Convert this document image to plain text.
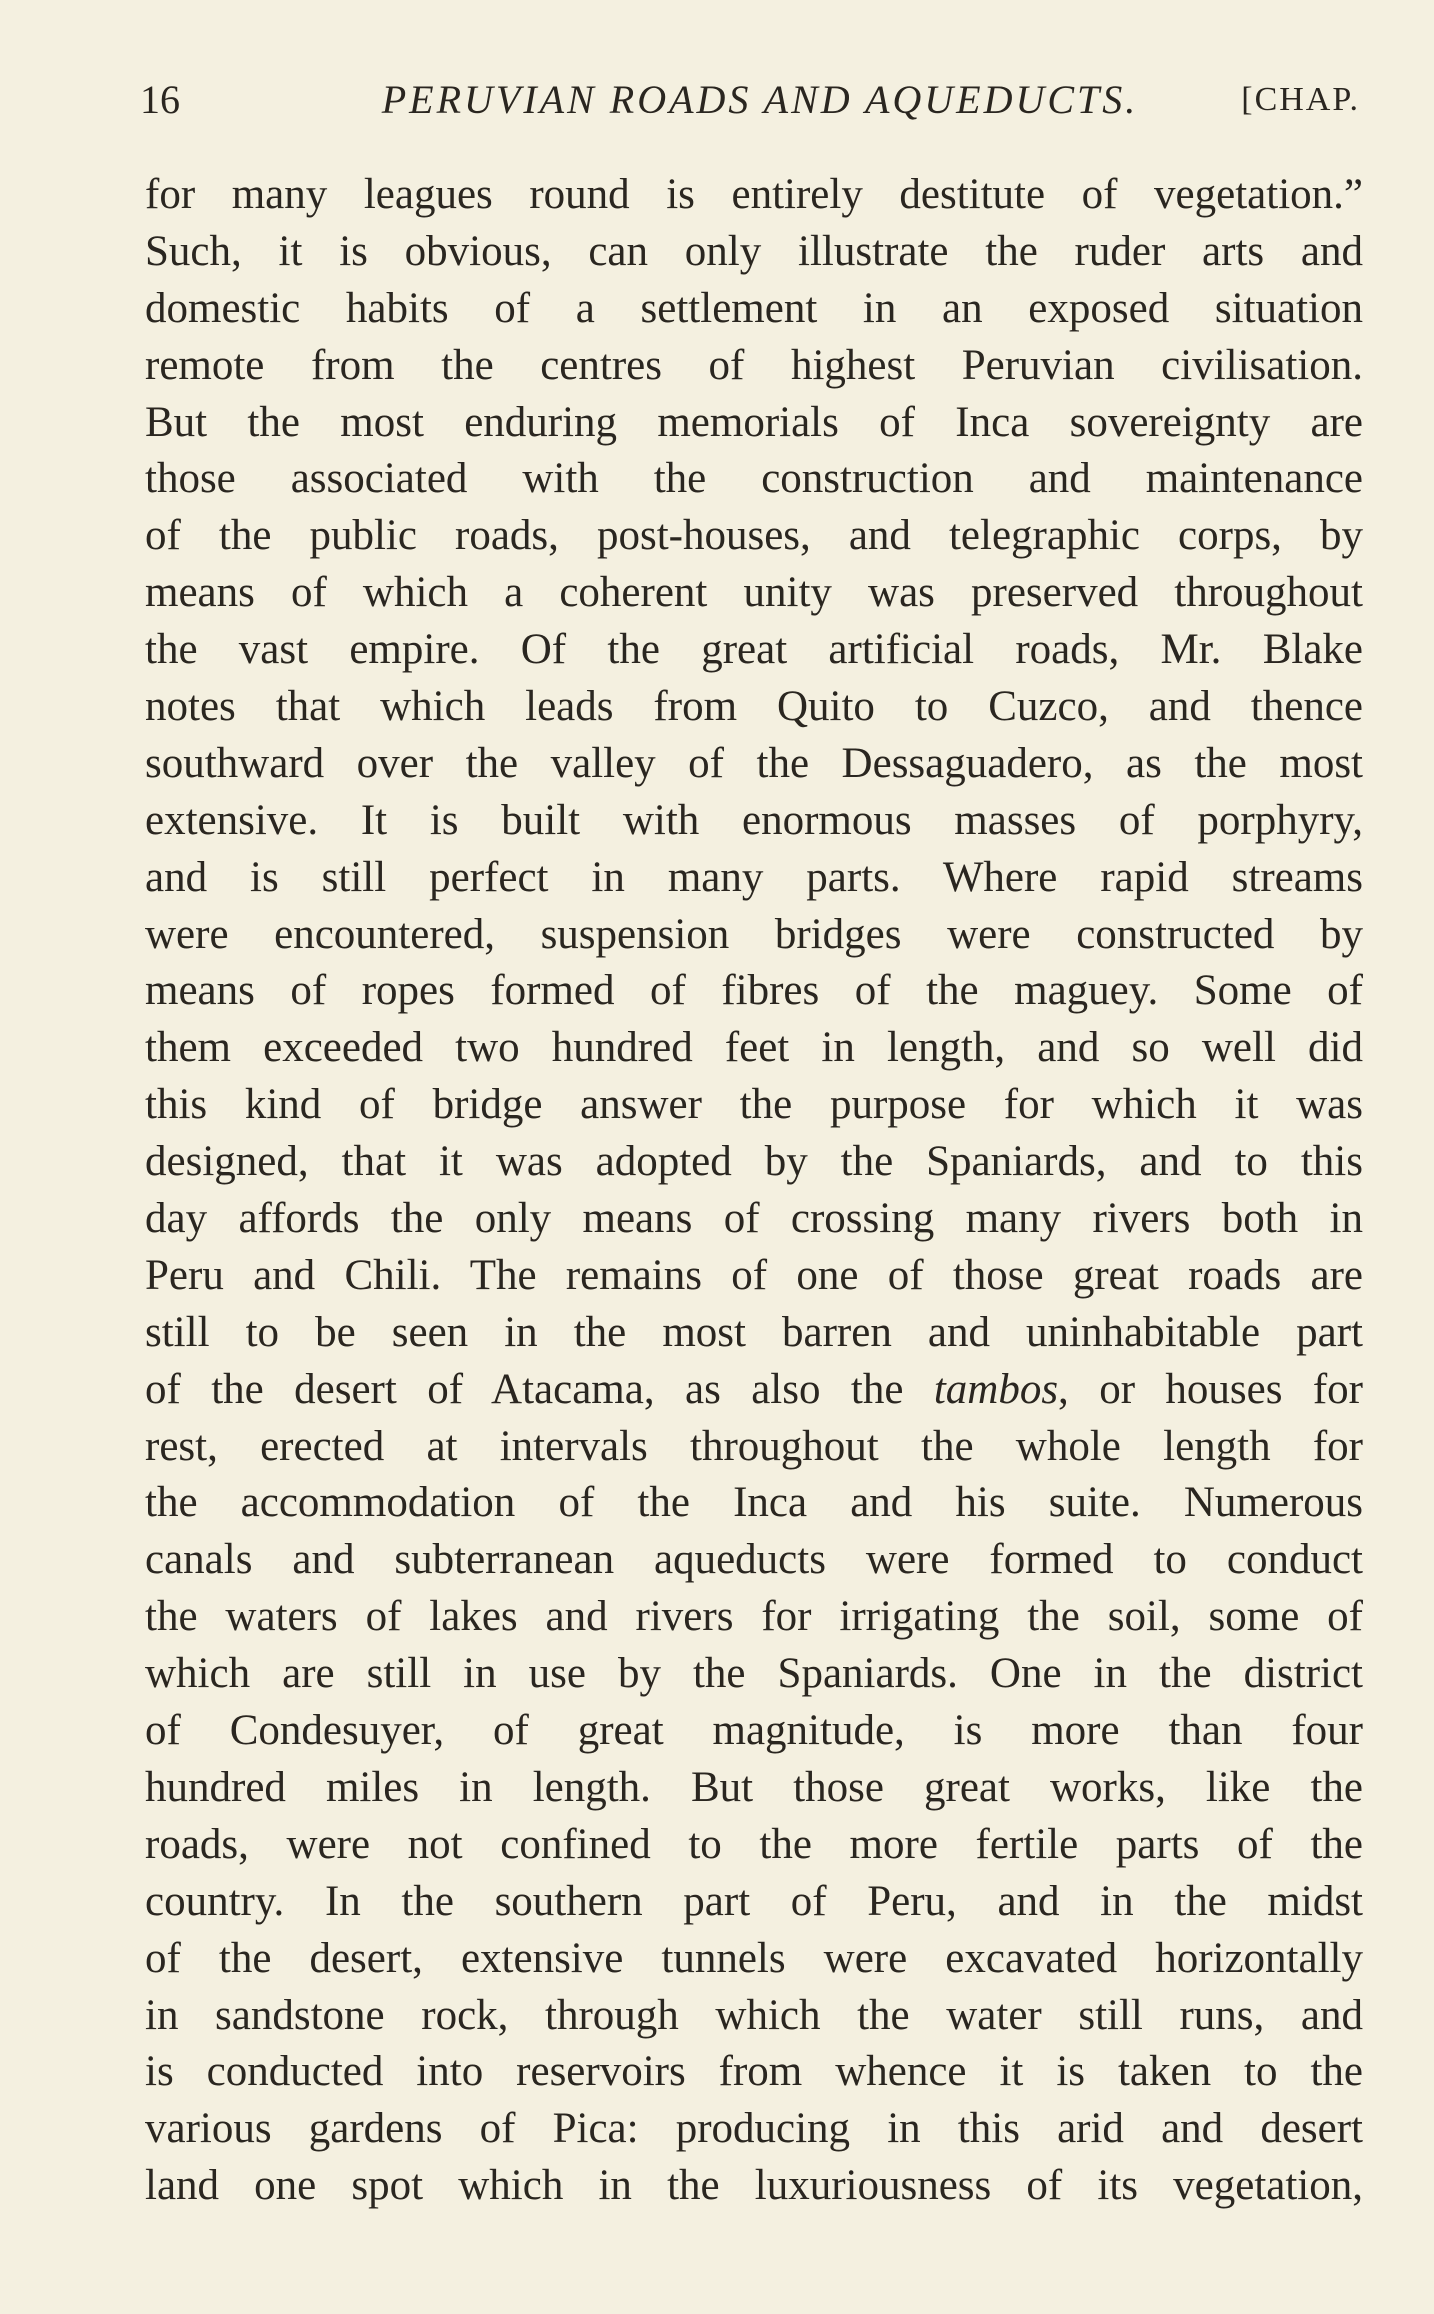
16	PERUVIAN ROADS AND AQUEDUCTS.	[CHAP.
for many leagues round is entirely destitute of vegetation.”
Such, it is obvious, can only illustrate the ruder arts and
domestic habits of a settlement in an exposed situation
remote from the centres of highest Peruvian civilisation.
But the most enduring memorials of Inca sovereignty are
those associated with the construction and maintenance
of the public roads, post-houses, and telegraphic corps, by
means of which a coherent unity was preserved throughout
the vast empire. Of the great artificial roads, Mr. Blake
notes that which leads from Quito to Cuzco, and thence
southward over the valley of the Dessaguadero, as the most
extensive. It is built with enormous masses of porphyry,
and is still perfect in many parts. Where rapid streams
were encountered, suspension bridges were constructed by
means of ropes formed of fibres of the maguey. Some of
them exceeded two hundred feet in length, and so well did
this kind of bridge answer the purpose for which it was
designed, that it was adopted by the Spaniards, and to this
day affords the only means of crossing many rivers both in
Peru and Chili. The remains of one of those great roads are
still to be seen in the most barren and uninhabitable part
of the desert of Atacama, as also the tambos, or houses for
rest, erected at intervals throughout the whole length for
the accommodation of the Inca and his suite. Numerous
canals and subterranean aqueducts were formed to conduct
the waters of lakes and rivers for irrigating the soil, some of
which are still in use by the Spaniards. One in the district
of Condesuyer, of great magnitude, is more than four
hundred miles in length. But those great works, like the
roads, were not confined to the more fertile parts of the
country. In the southern part of Peru, and in the midst
of the desert, extensive tunnels were excavated horizontally
in sandstone rock, through which the water still runs, and
is conducted into reservoirs from whence it is taken to the
various gardens of Pica: producing in this arid and desert
land one spot which in the luxuriousness of its vegetation,
